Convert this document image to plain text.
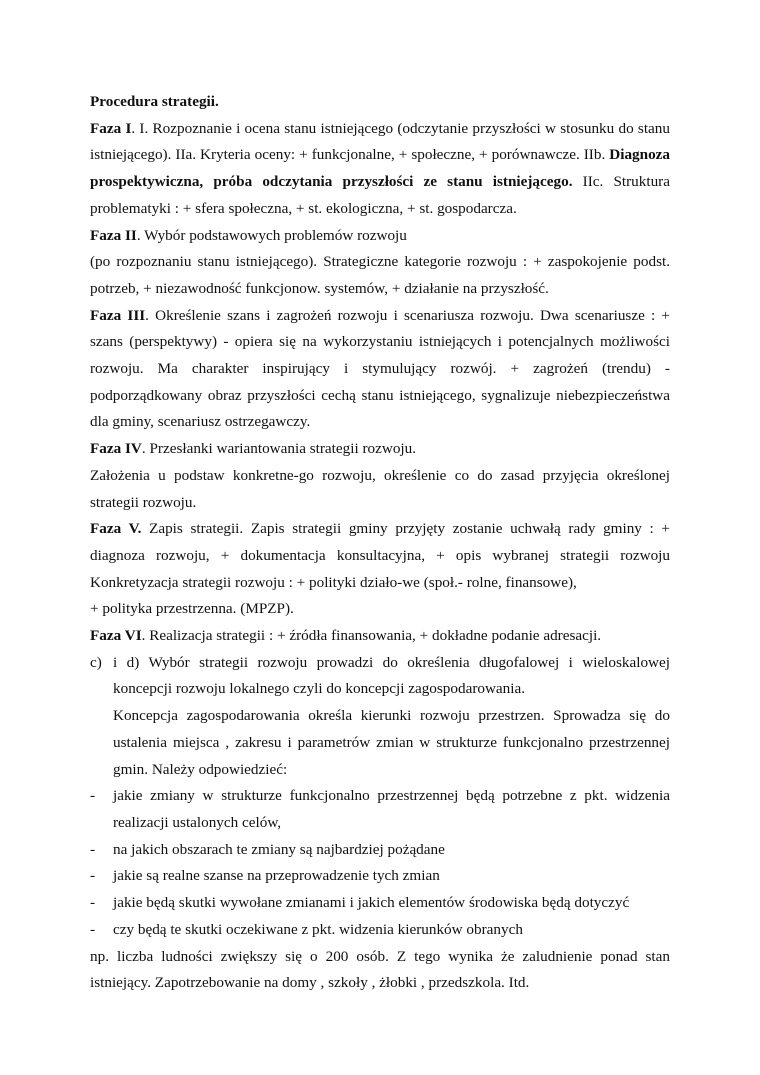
Procedura strategii.

Faza I. I. Rozpoznanie i ocena stanu istniejącego (odczytanie przyszłości w stosunku do stanu istniejącego). IIa. Kryteria oceny: + funkcjonalne, + społeczne, + porównawcze. IIb. Diagnoza prospektywiczna, próba odczytania przyszłości ze stanu istniejącego. IIc. Struktura problematyki : + sfera społeczna, + st. ekologiczna, + st. gospodarcza.

Faza II. Wybór podstawowych problemów rozwoju

(po rozpoznaniu stanu istniejącego). Strategiczne kategorie rozwoju : + zaspokojenie podst. potrzeb, + niezawodność funkcjonow. systemów, + działanie na przyszłość.

Faza III. Określenie szans i zagrożeń rozwoju i scenariusza rozwoju. Dwa scenariusze : + szans (perspektywy) - opiera się na wykorzystaniu istniejących i potencjalnych możliwości rozwoju. Ma charakter inspirujący i stymulujący rozwój. + zagrożeń (trendu) - podporządkowany obraz przyszłości cechą stanu istniejącego, sygnalizuje niebezpieczeństwa dla gminy, scenariusz ostrzegawczy.

Faza IV. Przesłanki wariantowania strategii rozwoju.

Założenia u podstaw konkretne-go rozwoju, określenie co do zasad przyjęcia określonej strategii rozwoju.

Faza V. Zapis strategii. Zapis strategii gminy przyjęty zostanie uchwałą rady gminy : + diagnoza rozwoju, + dokumentacja konsultacyjna, + opis wybranej strategii rozwoju Konkretyzacja strategii rozwoju : + polityki działo-we (społ.- rolne, finansowe),

+ polityka przestrzenna. (MPZP).

Faza VI. Realizacja strategii : + źródła finansowania, + dokładne podanie adresacji.

c) i d) Wybór strategii rozwoju prowadzi do określenia długofalowej i wieloskalowej koncepcji rozwoju lokalnego czyli do koncepcji zagospodarowania.
Koncepcja zagospodarowania określa kierunki rozwoju przestrzen. Sprowadza się do ustalenia miejsca , zakresu i parametrów zmian w strukturze funkcjonalno przestrzennej gmin. Należy odpowiedzieć:
- jakie zmiany w strukturze funkcjonalno przestrzennej będą potrzebne z pkt. widzenia realizacji ustalonych celów,
- na jakich obszarach te zmiany są najbardziej pożądane
- jakie są realne szanse na przeprowadzenie tych zmian
- jakie będą skutki wywołane zmianami i jakich elementów środowiska będą dotyczyć
- czy będą te skutki oczekiwane z pkt. widzenia kierunków obranych

np. liczba ludności zwiększy się o 200 osób. Z tego wynika że zaludnienie ponad stan istniejący. Zapotrzebowanie na domy , szkoły , żłobki , przedszkola. Itd.
